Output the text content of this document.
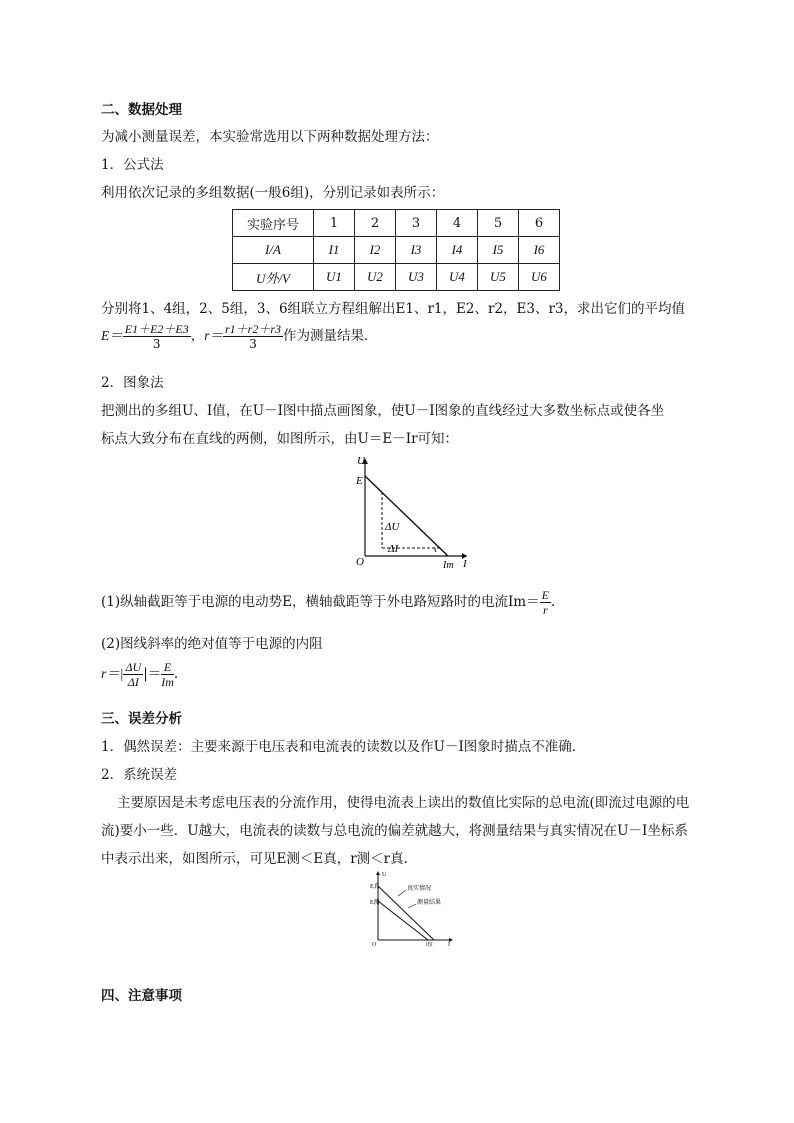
二、数据处理
为减小测量误差，本实验常选用以下两种数据处理方法：
1．公式法
利用依次记录的多组数据(一般6组)，分别记录如表所示：
实验序号	1	2	3	4	5	6
I/A	I1	I2	I3	I4	I5	I6
U外/V	U1	U2	U3	U4	U5	U6
分别将1、4组，2、5组，3、6组联立方程组解出E1、r1，E2、r2，E3、r3，求出它们的平均值
$E= \frac{E1+E2+E3}{3}$ ，$r= \frac{r1+r2+r3}{3}$ 作为测量结果．
2．图象法
把测出的多组U、I值，在U－I图中描点画图象，使U－I图象的直线经过大多数坐标点或使各坐
标点大致分布在直线的两侧，如图所示，由U＝E－Ir可知：
U
E
O
ΔU
ΔI
Im I
(1)纵轴截距等于电源的电动势E，横轴截距等于外电路短路时的电流$Im= \frac{E}{r}$ .
(2)图线斜率的绝对值等于电源的内阻
$r=| \frac{\Delta U}{\Delta I}$ |＝ $\frac{E}{Im}$ .
三、误差分析
1．偶然误差：主要来源于电压表和电流表的读数以及作U－I图象时描点不准确．
2．系统误差
主要原因是未考虑电压表的分流作用，使得电流表上读出的数值比实际的总电流(即流过电源的电
流)要小一些．U越大，电流表的读数与总电流的偏差就越大，将测量结果与真实情况在U－I坐标系
中表示出来，如图所示，可见E测＜E真，r测＜r真.
U
E真
E测
真实情况
测量结果
O	I短	I
四、注意事项
